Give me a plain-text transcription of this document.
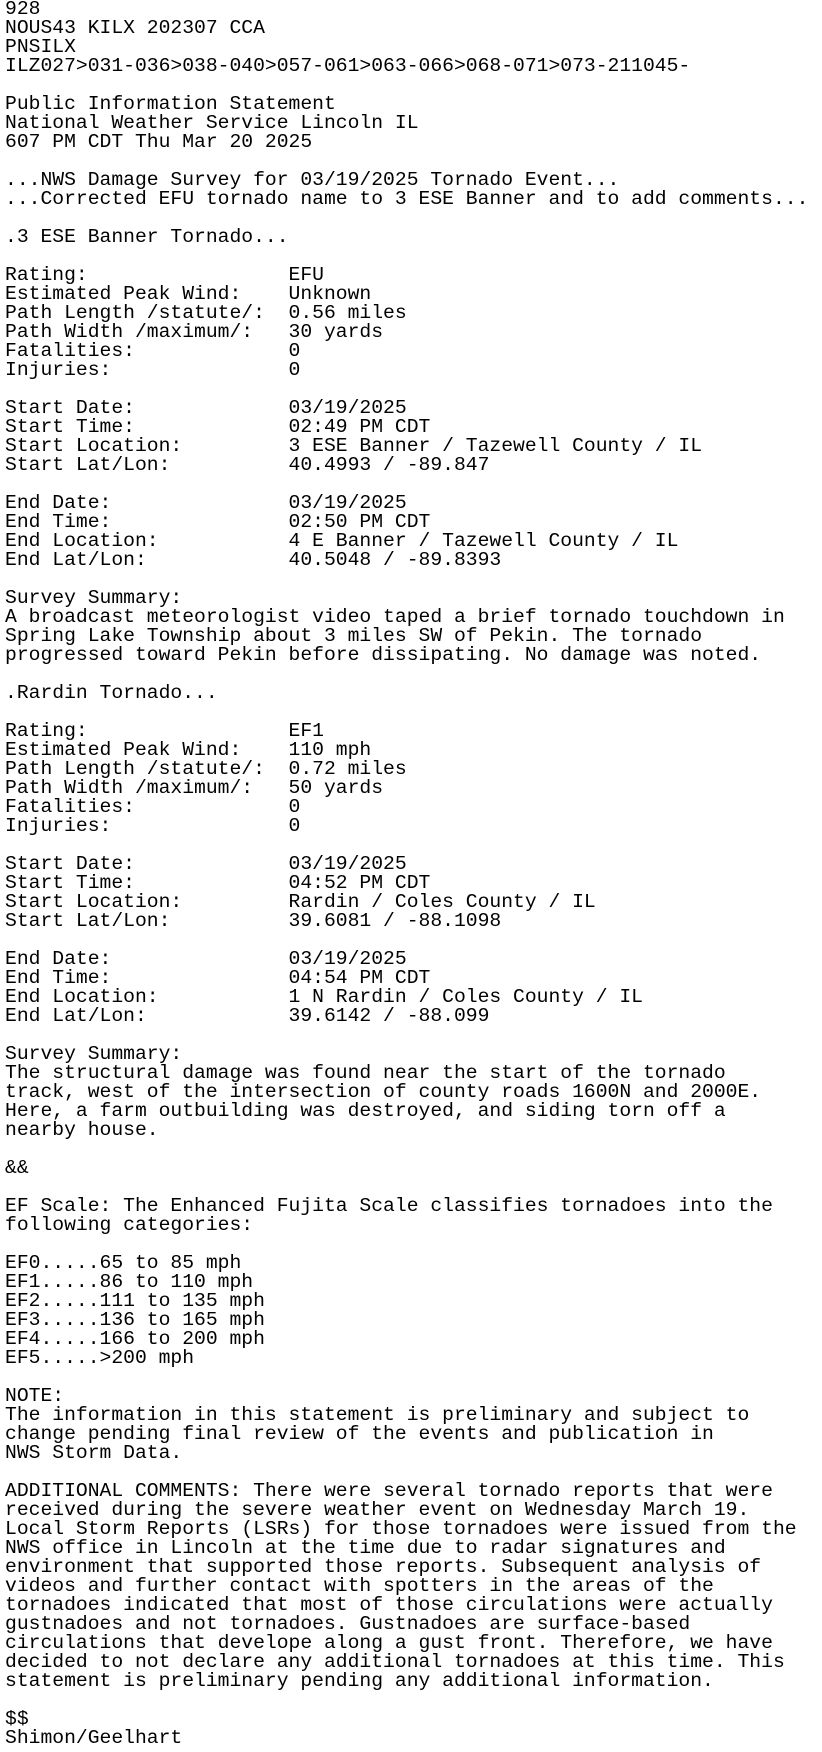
928
NOUS43 KILX 202307 CCA
PNSILX
ILZ027>031-036>038-040>057-061>063-066>068-071>073-211045-
Public Information Statement
National Weather Service Lincoln IL
607 PM CDT Thu Mar 20 2025
...NWS Damage Survey for 03/19/2025 Tornado Event...
...Corrected EFU tornado name to 3 ESE Banner and to add comments...
.3 ESE Banner Tornado...
Rating:                 EFU
Estimated Peak Wind:    Unknown
Path Length /statute/:  0.56 miles
Path Width /maximum/:   30 yards
Fatalities:             0
Injuries:               0
Start Date:             03/19/2025
Start Time:             02:49 PM CDT
Start Location:         3 ESE Banner / Tazewell County / IL
Start Lat/Lon:          40.4993 / -89.847
End Date:               03/19/2025
End Time:               02:50 PM CDT
End Location:           4 E Banner / Tazewell County / IL
End Lat/Lon:            40.5048 / -89.8393
Survey Summary:
A broadcast meteorologist video taped a brief tornado touchdown in
Spring Lake Township about 3 miles SW of Pekin. The tornado
progressed toward Pekin before dissipating. No damage was noted.
.Rardin Tornado...
Rating:                 EF1
Estimated Peak Wind:    110 mph
Path Length /statute/:  0.72 miles
Path Width /maximum/:   50 yards
Fatalities:             0
Injuries:               0
Start Date:             03/19/2025
Start Time:             04:52 PM CDT
Start Location:         Rardin / Coles County / IL
Start Lat/Lon:          39.6081 / -88.1098
End Date:               03/19/2025
End Time:               04:54 PM CDT
End Location:           1 N Rardin / Coles County / IL
End Lat/Lon:            39.6142 / -88.099
Survey Summary:
The structural damage was found near the start of the tornado
track, west of the intersection of county roads 1600N and 2000E.
Here, a farm outbuilding was destroyed, and siding torn off a
nearby house.
&&
EF Scale: The Enhanced Fujita Scale classifies tornadoes into the
following categories:
EF0.....65 to 85 mph
EF1.....86 to 110 mph
EF2.....111 to 135 mph
EF3.....136 to 165 mph
EF4.....166 to 200 mph
EF5.....>200 mph
NOTE:
The information in this statement is preliminary and subject to
change pending final review of the events and publication in
NWS Storm Data.
ADDITIONAL COMMENTS: There were several tornado reports that were
received during the severe weather event on Wednesday March 19.
Local Storm Reports (LSRs) for those tornadoes were issued from the
NWS office in Lincoln at the time due to radar signatures and
environment that supported those reports. Subsequent analysis of
videos and further contact with spotters in the areas of the
tornadoes indicated that most of those circulations were actually
gustnadoes and not tornadoes. Gustnadoes are surface-based
circulations that develope along a gust front. Therefore, we have
decided to not declare any additional tornadoes at this time. This
statement is preliminary pending any additional information.
$$
Shimon/Geelhart
